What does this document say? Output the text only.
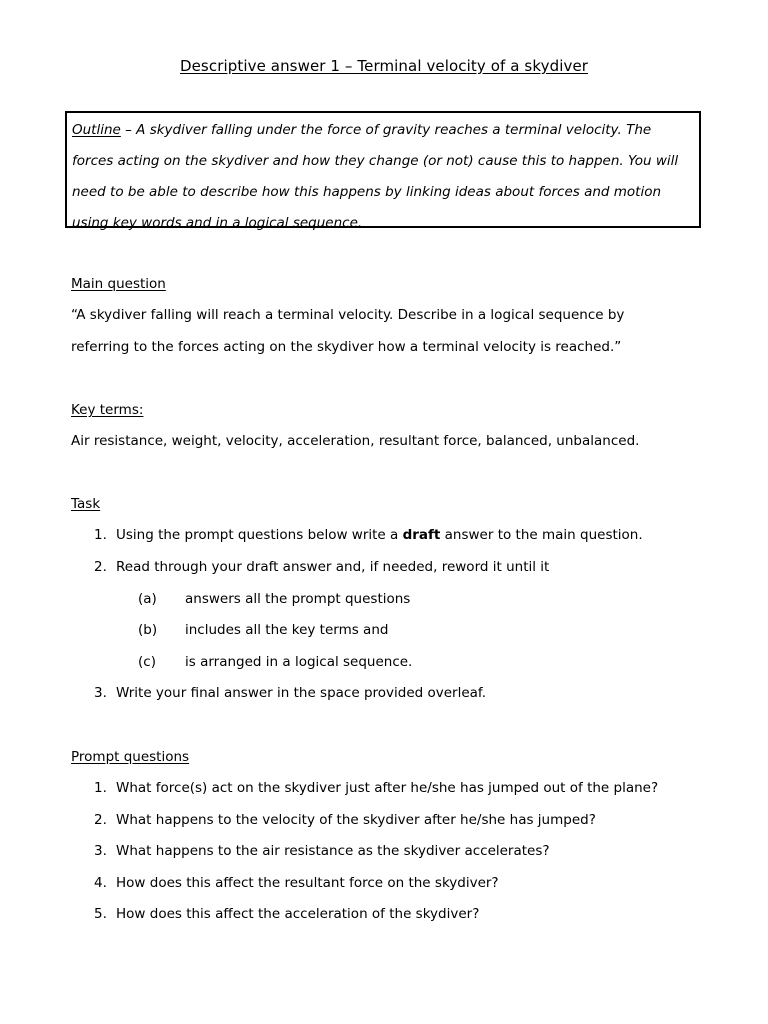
Descriptive answer 1 – Terminal velocity of a skydiver
Outline – A skydiver falling under the force of gravity reaches a terminal velocity. The
forces acting on the skydiver and how they change (or not) cause this to happen. You will
need to be able to describe how this happens by linking ideas about forces and motion
using key words and in a logical sequence.
Main question
“A skydiver falling will reach a terminal velocity. Describe in a logical sequence by
referring to the forces acting on the skydiver how a terminal velocity is reached.”
Key terms:
Air resistance, weight, velocity, acceleration, resultant force, balanced, unbalanced.
Task
1. Using the prompt questions below write a draft answer to the main question.
2. Read through your draft answer and, if needed, reword it until it
(a) answers all the prompt questions
(b) includes all the key terms and
(c) is arranged in a logical sequence.
3. Write your final answer in the space provided overleaf.
Prompt questions
1. What force(s) act on the skydiver just after he/she has jumped out of the plane?
2. What happens to the velocity of the skydiver after he/she has jumped?
3. What happens to the air resistance as the skydiver accelerates?
4. How does this affect the resultant force on the skydiver?
5. How does this affect the acceleration of the skydiver?
